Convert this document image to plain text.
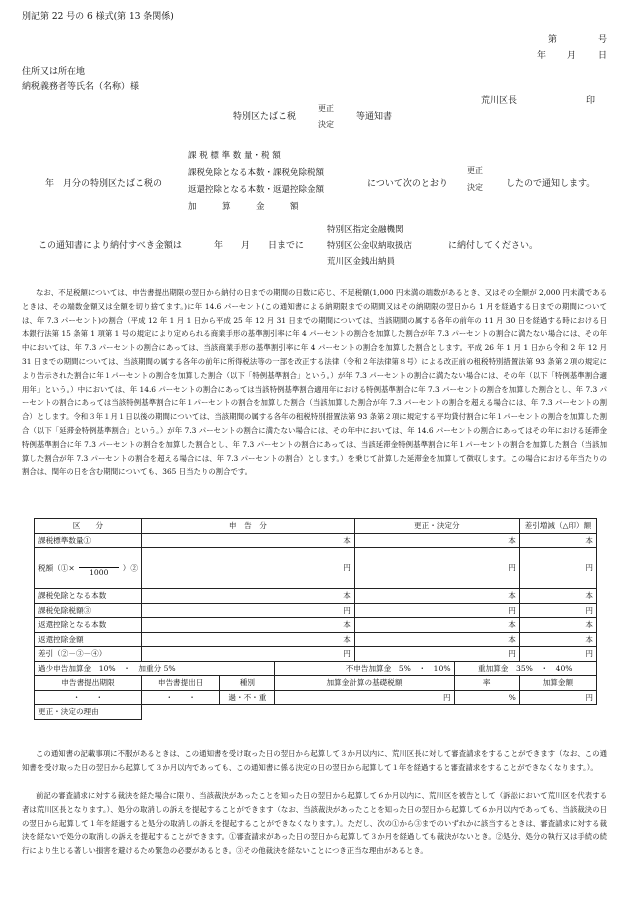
別記第 22 号の 6 様式(第 13 条関係)
第	号
年 月 日
住所又は所在地
納税義務者等氏名（名称）様
荒川区長	印
特別区たばこ税
更正
決定
等通知書
年　月分の特別区たばこ税の
課 税 標 準 数 量・税 額
課税免除となる本数・課税免除税額
返還控除となる本数・返還控除金額
加　　　算　　　金　　　額
について次のとおり
更正
決定	したので通知します。
この通知書により納付すべき金額は	年　　月　　日までに
特別区指定金融機関
特別区公金収納取扱店
荒川区金銭出納員
に納付してください。
なお、不足税額については、申告書提出期限の翌日から納付の日までの期間の日数に応じ、不足税額(1,000 円未満の端数があるとき、又はその全額が 2,000 円未満であるときは、その端数金額又は全額を切り捨てます。)に年 14.6 パーセント(この通知書による納期限までの期間又はその納期限の翌日から 1 月を経過する日までの期間については、年 7.3 パーセント)の割合（平成 12 年 1 月 1 日から平成 25 年 12 月 31 日までの期間については、当該期間の属する各年の前年の 11 月 30 日を経過する時における日本銀行法第 15 条第 1 項第 1 号の規定により定められる商業手形の基準割引率に年 4 パーセントの割合を加算した割合が年 7.3 パーセントの割合に満たない場合には、その年中においては、年 7.3 パーセントの割合にあっては、当該商業手形の基準割引率に年 4 パーセントの割合を加算した割合とします。平成 26 年 1 月 1 日から令和 2 年 12 月 31 日までの期間については、当該期間の属する各年の前年に所得税法等の一部を改正する法律（令和２年法律第８号）による改正前の租税特別措置法第 93 条第２項の規定により告示された割合に年１パーセントの割合を加算した割合（以下「特例基準割合」という。）が年 7.3 パーセントの割合に満たない場合には、その年（以下「特例基準割合適用年」という。）中においては、年 14.6 パーセントの割合にあっては当該特例基準割合適用年における特例基準割合に年 7.3 パーセントの割合を加算した割合とし、年 7.3 パーセントの割合にあっては当該特例基準割合に年１パーセントの割合を加算した割合（当該加算した割合が年 7.3 パーセントの割合を超える場合には、年 7.3 パーセントの割合）とします。令和３年１月１日以後の期間については、当該期間の属する各年の租税特別措置法第 93 条第２項に規定する平均貸付割合に年１パーセントの割合を加算した割合（以下「延滞金特例基準割合」という。）が年 7.3 パーセントの割合に満たない場合には、その年中においては、年 14.6 パーセントの割合にあってはその年における延滞金特例基準割合に年 7.3 パーセントの割合を加算した割合とし、年 7.3 パーセントの割合にあっては、当該延滞金特例基準割合に年１パーセントの割合を加算した割合（当該加算した割合が年 7.3 パーセントの割合を超える場合には、年 7.3 パーセントの割合）とします。）を乗じて計算した延滞金を加算して徴収します。この場合における年当たりの割合は、閏年の日を含む期間についても、365 日当たりの割合です。
区　　分	申　告　分			更正・決定分		差引増減（△印）額
課税標準数量①	本			本		本
税額（①×
1000
）②	円			円		円
課税免除となる本数	本			本		本
課税免除税額③	円			円		円
返還控除となる本数	本			本		本
返還控除金額	本			本		本
差引（②－③－④）	円			円		円
過少申告加算金　10%　・　加重分 5%			不申告加算金　5%　・　10%		重加算金　35%　・　40%	
申告書提出期限	申告書提出日	種別	加算金計算の基礎税額		率	加算金額
・　　・	・　　・	過・不・重	円		%	円
更正・決定の理由						
この通知書の記載事項に不服があるときは、この通知書を受け取った日の翌日から起算して３か月以内に、荒川区長に対して審査請求をすることができます（なお、この通知書を受け取った日の翌日から起算して３か月以内であっても、この通知書に係る決定の日の翌日から起算して１年を経過すると審査請求をすることができなくなります。）。
前記の審査請求に対する裁決を経た場合に限り、当該裁決があったことを知った日の翌日から起算して６か月以内に、荒川区を被告として（訴訟において荒川区を代表する者は荒川区長となります。）、処分の取消しの訴えを提起することができます（なお、当該裁決があったことを知った日の翌日から起算して６か月以内であっても、当該裁決の日の翌日から起算して１年を経過すると処分の取消しの訴えを提起することができなくなります。）。ただし、次の①から③までのいずれかに該当するときは、審査請求に対する裁決を経ないで処分の取消しの訴えを提起することができます。①審査請求があった日の翌日から起算して３か月を経過しても裁決がないとき。②処分、処分の執行又は手続の続行により生じる著しい損害を避けるため緊急の必要があるとき。③その他裁決を経ないことにつき正当な理由があるとき。
